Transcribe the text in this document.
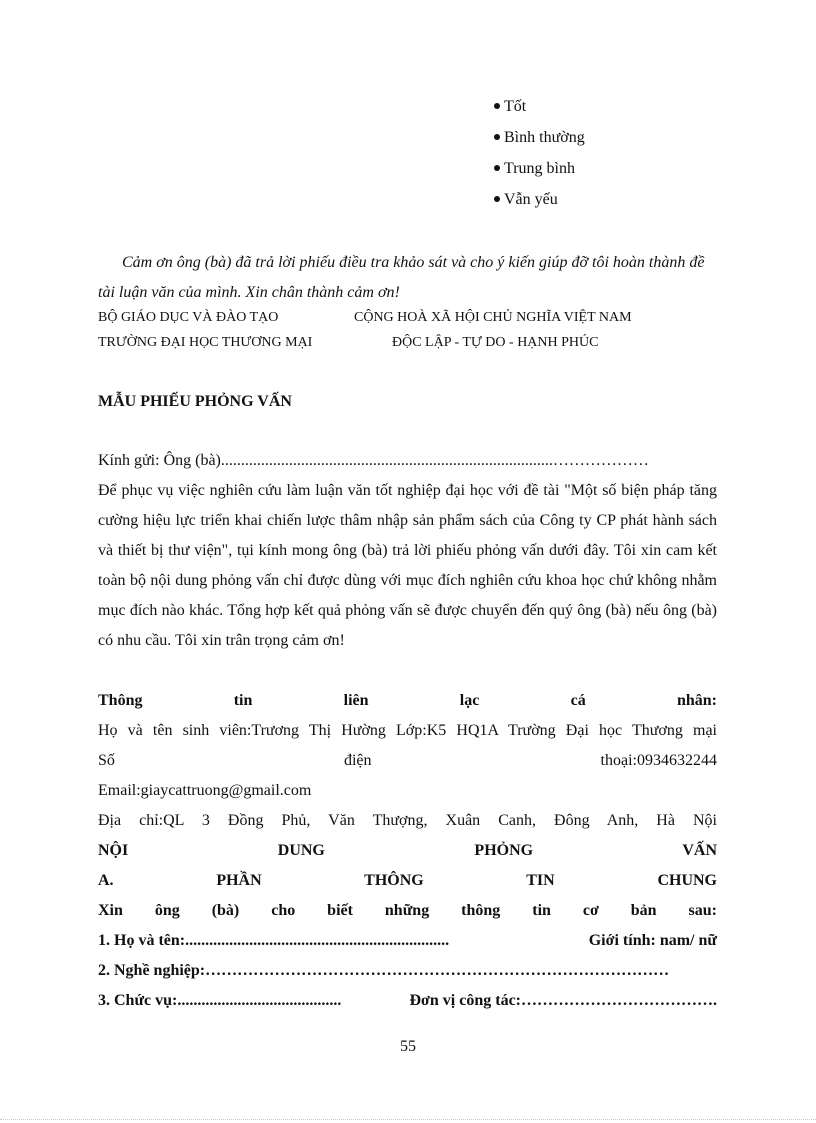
Tốt
Bình thường
Trung bình
Vẫn yếu
Cảm ơn ông (bà) đã trả lời phiếu điều tra khảo sát và cho ý kiến giúp đỡ tôi hoàn thành đề tài luận văn của mình. Xin chân thành cảm ơn!
BỘ GIÁO DỤC VÀ ĐÀO TẠO	CỘNG HOÀ XÃ HỘI CHỦ NGHĨA VIỆT NAM
TRƯỜNG ĐẠI HỌC THƯƠNG MẠI	ĐỘC LẬP - TỰ DO - HẠNH PHÚC
MẪU PHIẾU PHỎNG VẤN
Kính gửi: Ông (bà)...................................................................................………………
Để phục vụ việc nghiên cứu làm luận văn tốt nghiệp đại học với đề tài "Một số biện pháp tăng cường hiệu lực triển khai chiến lược thâm nhập sản phẩm sách của Công ty CP phát hành sách và thiết bị thư viện", tụi kính mong ông (bà) trả lời phiếu phỏng vấn dưới đây. Tôi xin cam kết toàn bộ nội dung phỏng vấn chỉ được dùng với mục đích nghiên cứu khoa học chứ không nhằm mục đích nào khác. Tổng hợp kết quả phỏng vấn sẽ được chuyển đến quý ông (bà) nếu ông (bà) có nhu cầu. Tôi xin trân trọng cảm ơn!
Thông tin liên lạc cá nhân:
Họ và tên sinh viên:Trương Thị Hường Lớp:K5 HQ1A Trường Đại học Thương mại
Số điện thoại:0934632244
Email:giaycattruong@gmail.com
Địa chỉ:QL 3 Đồng Phủ, Văn Thượng, Xuân Canh, Đông Anh, Hà Nội
NỘI DUNG PHỎNG VẤN
A. PHẦN THÔNG TIN CHUNG
Xin ông (bà) cho biết những thông tin cơ bản sau:
1. Họ và tên:..................................................................	Giới tính: nam/ nữ
2. Nghề nghiệp:……………………………………………………………………………
3. Chức vụ:.........................................	Đơn vị công tác:……………………………….
55
